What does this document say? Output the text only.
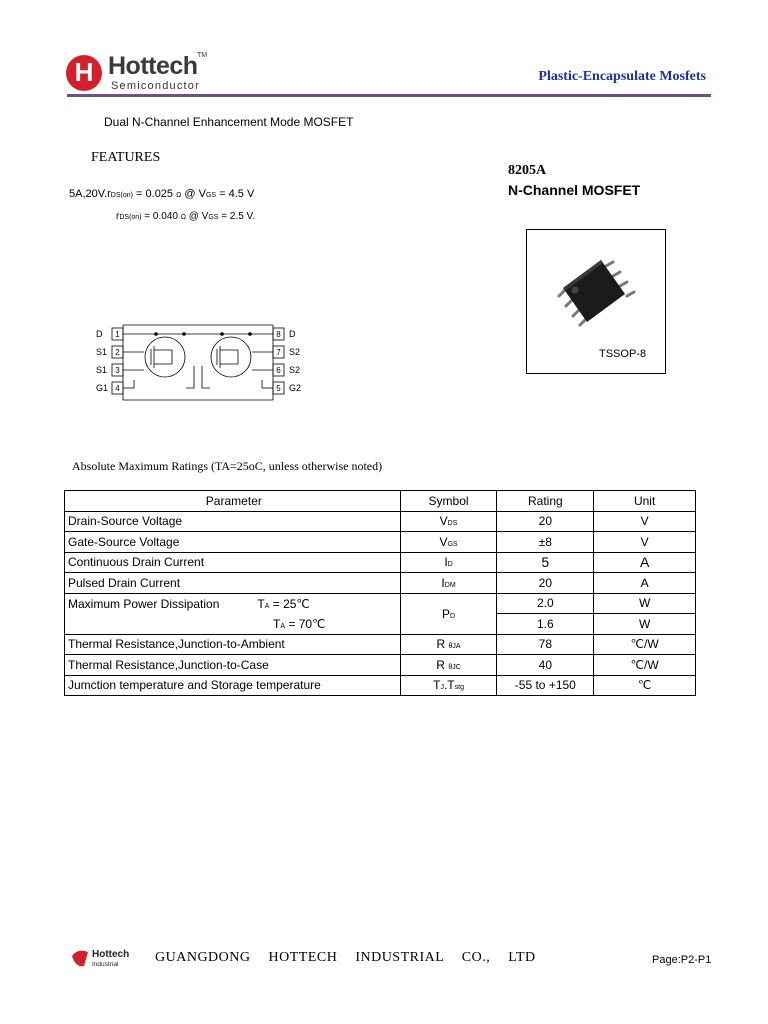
H Hottech TM
Semiconductor
Plastic-Encapsulate Mosfets
Dual N-Channel Enhancement Mode MOSFET
FEATURES
8205A
N-Channel MOSFET
5A,20V.rDS(on) = 0.025 Ω @ VGS = 4.5 V
rDS(on) = 0.040 Ω @ VGS = 2.5 V.
TSSOP-8
D
S1
S1
G1
D
S2
S2
G2
1
2
3
4
8
7
6
5
Absolute Maximum Ratings (TA=25oC, unless otherwise noted)
Parameter	Symbol	Rating	Unit
Drain-Source Voltage	VDS	20	V
Gate-Source Voltage	VGS	±8	V
Continuous Drain Current	ID	5	A
Pulsed Drain Current	IDM	20	A
Maximum Power Dissipation TA = 25℃	PD	2.0	W
TA = 70℃		1.6	W
Thermal Resistance,Junction-to-Ambient	R θJA	78	℃/W
Thermal Resistance,Junction-to-Case	R θJC	40	℃/W
Jumction temperature and Storage temperature	TJ.Tstg	-55 to +150	℃
Hottech
Industrial	GUANGDONG HOTTECH INDUSTRIAL CO., LTD	Page:P2-P1
